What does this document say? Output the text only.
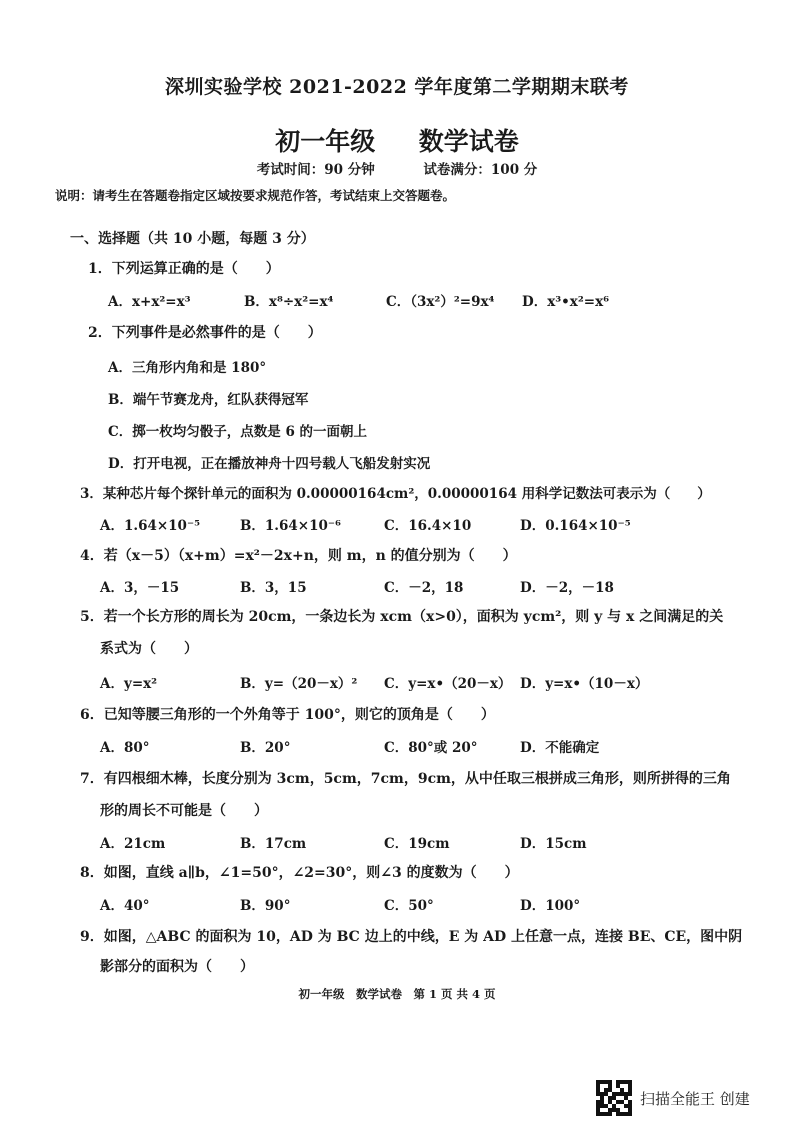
深圳实验学校 2021-2022 学年度第二学期期末联考
初一年级 数学试卷
考试时间：90 分钟	试卷满分：100 分
说明：请考生在答题卷指定区域按要求规范作答，考试结束上交答题卷。
一、选择题（共 10 小题，每题 3 分）
1．下列运算正确的是（　　）
A．x+x²=x³	B．x⁸÷x²=x⁴	C．（3x²）²=9x⁴ D．x³•x²=x⁶
2．下列事件是必然事件的是（　　）
A．三角形内角和是 180°
B．端午节赛龙舟，红队获得冠军
C．掷一枚均匀骰子，点数是 6 的一面朝上
D．打开电视，正在播放神舟十四号载人飞船发射实况
3．某种芯片每个探针单元的面积为 0.00000164cm²，0.00000164 用科学记数法可表示为（　　）
A．1.64×10⁻⁵	B．1.64×10⁻⁶	C．16.4×10	D．0.164×10⁻⁵
4．若（x－5）（x+m）=x²－2x+n，则 m，n 的值分别为（　　）
A．3，－15	B．3，15	C．－2，18	D．－2，－18
5．若一个长方形的周长为 20cm，一条边长为 xcm（x>0），面积为 ycm²，则 y 与 x 之间满足的关
系式为（　　）
A．y=x²	B．y=（20－x）² C．y=x•（20－x） D．y=x•（10－x）
6．已知等腰三角形的一个外角等于 100°，则它的顶角是（　　）
A．80°	B．20°	C．80°或 20°	D．不能确定
7．有四根细木棒，长度分别为 3cm，5cm，7cm，9cm，从中任取三根拼成三角形，则所拼得的三角
形的周长不可能是（　　）
A．21cm	B．17cm	C．19cm	D．15cm
8．如图，直线 a∥b，∠1=50°，∠2=30°，则∠3 的度数为（　　）
A．40°	B．90°	C．50°	D．100°
9．如图，△ABC 的面积为 10，AD 为 BC 边上的中线，E 为 AD 上任意一点，连接 BE、CE，图中阴
影部分的面积为（　　）
初一年级　数学试卷　第 1 页 共 4 页
扫描全能王 创建
